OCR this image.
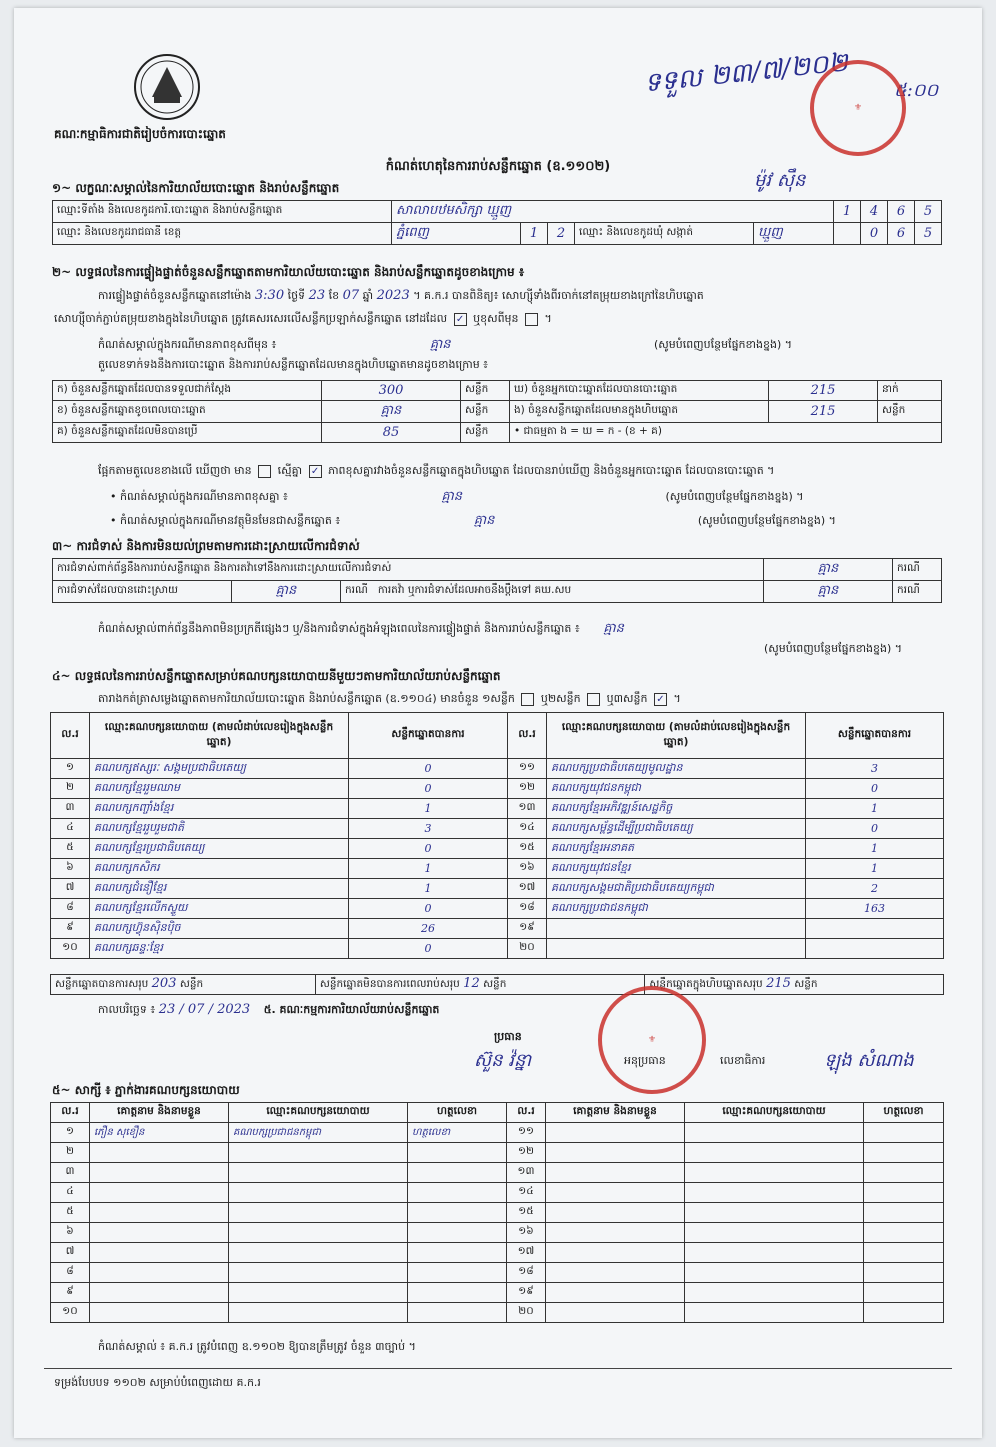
គណៈកម្មាធិការជាតិរៀបចំការបោះឆ្នោត
ទទួល ២៣/៧/២០២ ៥:០០
ម៉ូវ ស៊ឹន
⚜
កំណត់ហេតុនៃការរាប់សន្លឹកឆ្នោត (ឧ.១១០២)
១~ លក្ខណៈសម្គាល់នៃការិយាល័យបោះឆ្នោត និងរាប់សន្លឹកឆ្នោត
ឈ្មោះទីតាំង និងលេខកូដការិ.បោះឆ្នោត និងរាប់សន្លឹកឆ្នោត	សាលាបឋមសិក្សា ឃ្មួញ					1	4	6	5
ឈ្មោះ និងលេខកូដរាជធានី ខេត្ត	ភ្នំពេញ	1	2	ឈ្មោះ និងលេខកូដឃុំ សង្កាត់	ឃ្មួញ		0	6	5
២~ លទ្ធផលនៃការផ្ទៀងផ្ទាត់ចំនួនសន្លឹកឆ្នោតតាមការិយាល័យបោះឆ្នោត និងរាប់សន្លឹកឆ្នោតដូចខាងក្រោម ៖
ការផ្ទៀងផ្ទាត់ចំនួនសន្លឹកឆ្នោតនៅម៉ោង 3:30 ថ្ងៃទី 23 ខែ 07 ឆ្នាំ 2023 ។ គ.ក.រ បានពិនិត្យ៖ សោហ្ស៊ីទាំងពីរចាក់នៅតម្រុយខាងក្រៅនៃហិបឆ្នោត
សោហ្ស៊ីចាក់ភ្ជាប់តម្រុយខាងក្នុងនៃហិបឆ្នោត ត្រូវគេសរសេរលើសន្លឹកប្រឡាក់សន្លឹកឆ្នោត នៅដដែល ✓ ឬខុសពីមុន  ។
កំណត់សម្គាល់ក្នុងករណីមានភាពខុសពីមុន ៖	គ្មាន	(សូមបំពេញបន្ថែមផ្នែកខាងខ្នង) ។
តួលេខទាក់ទងនឹងការបោះឆ្នោត និងការរាប់សន្លឹកឆ្នោតដែលមានក្នុងហិបឆ្នោតមានដូចខាងក្រោម ៖
ក) ចំនួនសន្លឹកឆ្នោតដែលបានទទួលជាក់ស្តែង	300	សន្លឹក	ឃ) ចំនួនអ្នកបោះឆ្នោតដែលបានបោះឆ្នោត	215	នាក់
ខ) ចំនួនសន្លឹកឆ្នោតខូចពេលបោះឆ្នោត	គ្មាន	សន្លឹក	ង) ចំនួនសន្លឹកឆ្នោតដែលមានក្នុងហិបឆ្នោត	215	សន្លឹក
គ) ចំនួនសន្លឹកឆ្នោតដែលមិនបានប្រើ	85	សន្លឹក	• ជាធម្មតា ង = ឃ = ក - (ខ + គ)		
ផ្អែកតាមតួលេខខាងលើ ឃើញថា មាន ស្មើគ្នា ✓ ភាពខុសគ្នារវាងចំនួនសន្លឹកឆ្នោតក្នុងហិបឆ្នោត ដែលបានរាប់ឃើញ និងចំនួនអ្នកបោះឆ្នោត ដែលបានបោះឆ្នោត ។
• កំណត់សម្គាល់ក្នុងករណីមានភាពខុសគ្នា ៖	គ្មាន	(សូមបំពេញបន្ថែមផ្នែកខាងខ្នង) ។
• កំណត់សម្គាល់ក្នុងករណីមានវត្ថុមិនមែនជាសន្លឹកឆ្នោត ៖	គ្មាន	(សូមបំពេញបន្ថែមផ្នែកខាងខ្នង) ។
៣~ ការជំទាស់ និងការមិនយល់ព្រមតាមការដោះស្រាយលើការជំទាស់
ការជំទាស់ពាក់ព័ន្ធនឹងការរាប់សន្លឹកឆ្នោត និងការតវ៉ាទៅនឹងការដោះស្រាយលើការជំទាស់			គ្មាន	ករណី
ការជំទាស់ដែលបានដោះស្រាយ	គ្មាន	ករណី ការតវ៉ា ឬការជំទាស់ដែលអាចនឹងប្តឹងទៅ គឃ.សប	គ្មាន	ករណី
កំណត់សម្គាល់ពាក់ព័ន្ធនឹងភាពមិនប្រក្រតីផ្សេងៗ ឬ/និងការជំទាស់ក្នុងអំឡុងពេលនៃការផ្ទៀងផ្ទាត់ និងការរាប់សន្លឹកឆ្នោត ៖ គ្មាន
(សូមបំពេញបន្ថែមផ្នែកខាងខ្នង) ។
៤~ លទ្ធផលនៃការរាប់សន្លឹកឆ្នោតសម្រាប់គណបក្សនយោបាយនីមួយៗតាមការិយាល័យរាប់សន្លឹកឆ្នោត
តារាងកត់ត្រាសម្លេងឆ្នោតតាមការិយាល័យបោះឆ្នោត និងរាប់សន្លឹកឆ្នោត (ឧ.១១០៤) មានចំនួន ១សន្លឹក ឬ២សន្លឹក ឬ៣សន្លឹក ✓ ។
ល.រ	ឈ្មោះគណបក្សនយោបាយ (តាមលំដាប់លេខរៀងក្នុងសន្លឹកឆ្នោត)	សន្លឹកឆ្នោតបានការ	ល.រ	ឈ្មោះគណបក្សនយោបាយ (តាមលំដាប់លេខរៀងក្នុងសន្លឹកឆ្នោត)	សន្លឹកឆ្នោតបានការ
១	គណបក្សឥស្សរៈ សង្គមប្រជាធិបតេយ្យ	0	១១	គណបក្សប្រជាធិបតេយ្យមូលដ្ឋាន	3
២	គណបក្សខ្មែររួមឈាម	0	១២	គណបក្សយុវជនកម្ពុជា	0
៣	គណបក្សកញ្ចាំងខ្មែរ	1	១៣	គណបក្សខ្មែរអភិវឌ្ឍន៍សេដ្ឋកិច្ច	1
៤	គណបក្សខ្មែររួបរួមជាតិ	3	១៤	គណបក្សសម្ព័ន្ធដើម្បីប្រជាធិបតេយ្យ	0
៥	គណបក្សខ្មែរប្រជាធិបតេយ្យ	0	១៥	គណបក្សខ្មែរអនាគត	1
៦	គណបក្សកសិករ	1	១៦	គណបក្សយុវជនខ្មែរ	1
៧	គណបក្សជំនឿខ្មែរ	1	១៧	គណបក្សសង្គមជាតិប្រជាធិបតេយ្យកម្ពុជា	2
៨	គណបក្សខ្មែរលើកស្ទួយ	0	១៨	គណបក្សប្រជាជនកម្ពុជា	163
៩	គណបក្សហ៊្វុនស៊ិនប៉ិច	26	១៩		
១០	គណបក្សឆន្ទៈខ្មែរ	0	២០		
សន្លឹកឆ្នោតបានការសរុប 203 សន្លឹក	សន្លឹកឆ្នោតមិនបានការពេលរាប់សរុប 12 សន្លឹក	សន្លឹកឆ្នោតក្នុងហិបឆ្នោតសរុប 215 សន្លឹក
កាលបរិច្ឆេទ ៖ 23 / 07 / 2023 ៥. គណៈកម្មការការិយាល័យរាប់សន្លឹកឆ្នោត
ប្រធាន
ស៊ួន វ៉ន្នា
⚜
អនុប្រធាន	លេខាធិការ	ឡុង សំណាង
៥~ សាក្សី ៖ ភ្នាក់ងារគណបក្សនយោបាយ
ល.រ	គោត្តនាម និងនាមខ្លួន	ឈ្មោះគណបក្សនយោបាយ	ហត្ថលេខា	ល.រ	គោត្តនាម និងនាមខ្លួន	ឈ្មោះគណបក្សនយោបាយ	ហត្ថលេខា
១	ភឿន សុខឿន	គណបក្សប្រជាជនកម្ពុជា	ហត្ថលេខា	១១			
២				១២			
៣				១៣			
៤				១៤			
៥				១៥			
៦				១៦			
៧				១៧			
៨				១៨			
៩				១៩			
១០				២០			
កំណត់សម្គាល់ ៖ គ.ក.រ ត្រូវបំពេញ ឧ.១១០២ ឱ្យបានត្រឹមត្រូវ ចំនួន ៣ច្បាប់ ។
ទម្រង់បែបបទ ១១០២ សម្រាប់បំពេញដោយ គ.ក.រ
